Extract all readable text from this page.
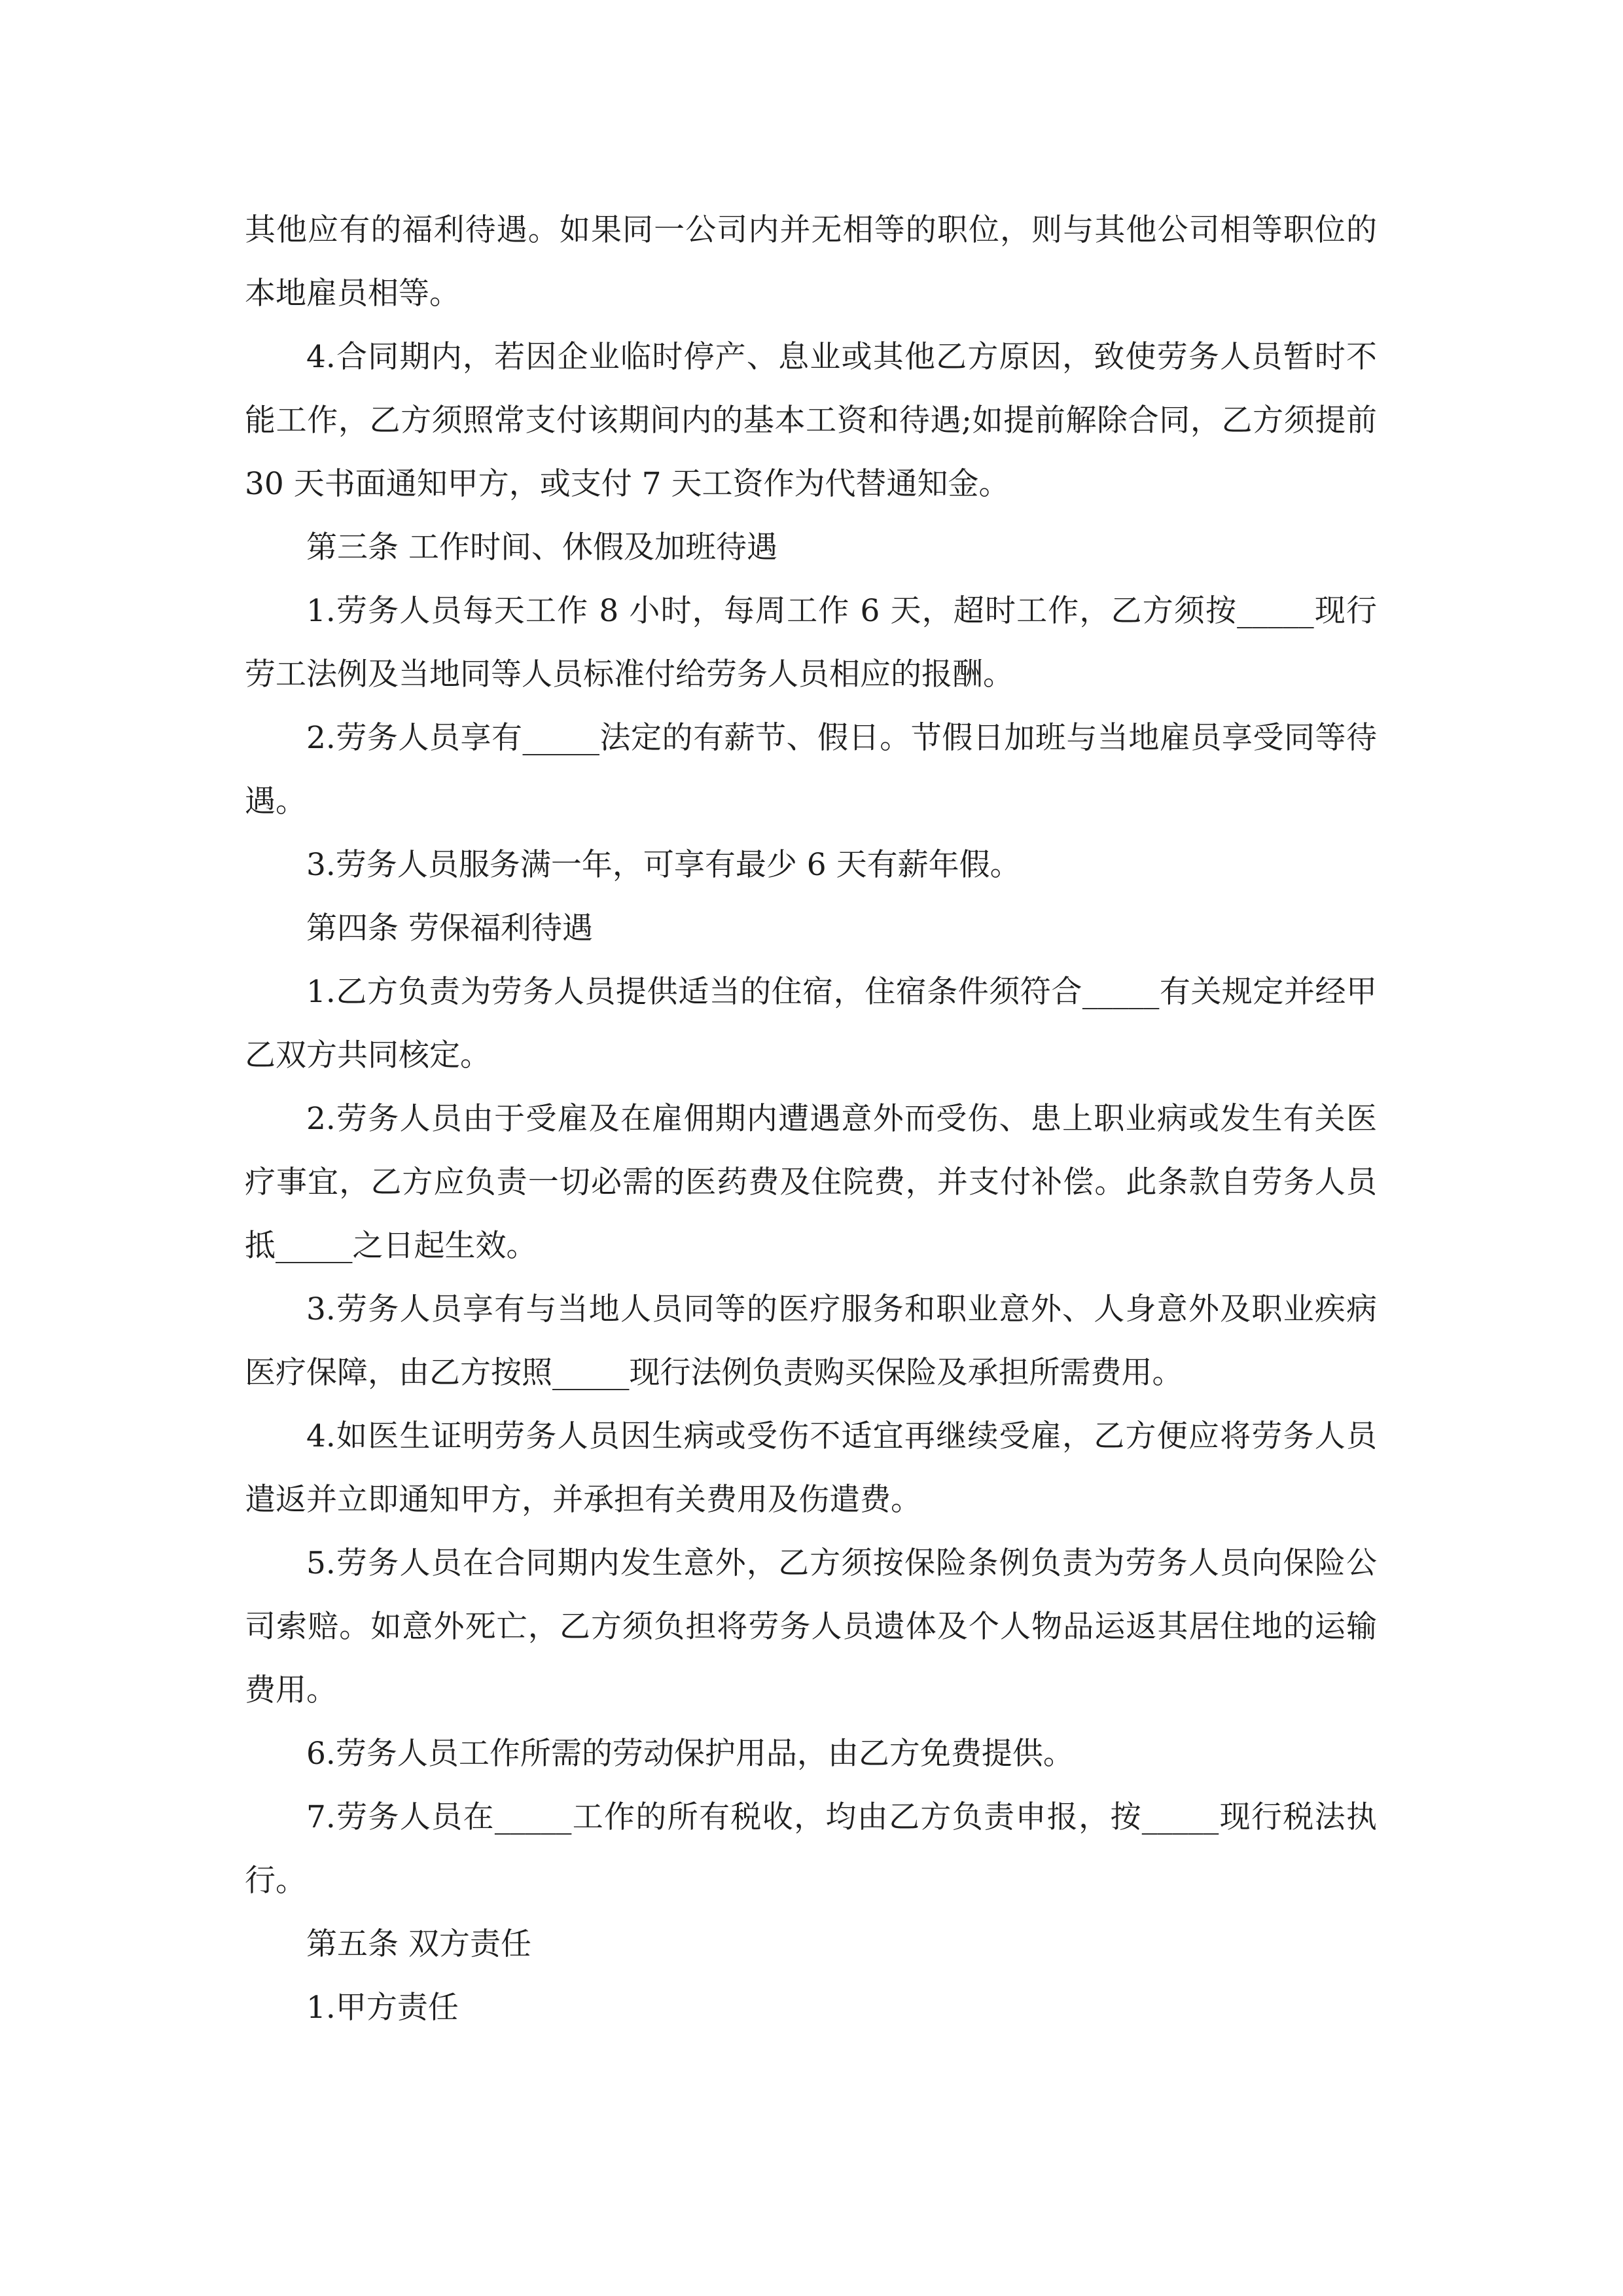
其他应有的福利待遇。如果同一公司内并无相等的职位，则与其他公司相等职位的本地雇员相等。

4.合同期内，若因企业临时停产、息业或其他乙方原因，致使劳务人员暂时不能工作，乙方须照常支付该期间内的基本工资和待遇;如提前解除合同，乙方须提前 30 天书面通知甲方，或支付 7 天工资作为代替通知金。

第三条 工作时间、休假及加班待遇

1.劳务人员每天工作 8 小时，每周工作 6 天，超时工作，乙方须按_____现行劳工法例及当地同等人员标准付给劳务人员相应的报酬。

2.劳务人员享有_____法定的有薪节、假日。节假日加班与当地雇员享受同等待遇。

3.劳务人员服务满一年，可享有最少 6 天有薪年假。

第四条 劳保福利待遇

1.乙方负责为劳务人员提供适当的住宿，住宿条件须符合_____有关规定并经甲乙双方共同核定。

2.劳务人员由于受雇及在雇佣期内遭遇意外而受伤、患上职业病或发生有关医疗事宜，乙方应负责一切必需的医药费及住院费，并支付补偿。此条款自劳务人员抵_____之日起生效。

3.劳务人员享有与当地人员同等的医疗服务和职业意外、人身意外及职业疾病医疗保障，由乙方按照_____现行法例负责购买保险及承担所需费用。

4.如医生证明劳务人员因生病或受伤不适宜再继续受雇，乙方便应将劳务人员遣返并立即通知甲方，并承担有关费用及伤遣费。

5.劳务人员在合同期内发生意外，乙方须按保险条例负责为劳务人员向保险公司索赔。如意外死亡，乙方须负担将劳务人员遗体及个人物品运返其居住地的运输费用。

6.劳务人员工作所需的劳动保护用品，由乙方免费提供。

7.劳务人员在_____工作的所有税收，均由乙方负责申报，按_____现行税法执行。

第五条 双方责任

1.甲方责任
